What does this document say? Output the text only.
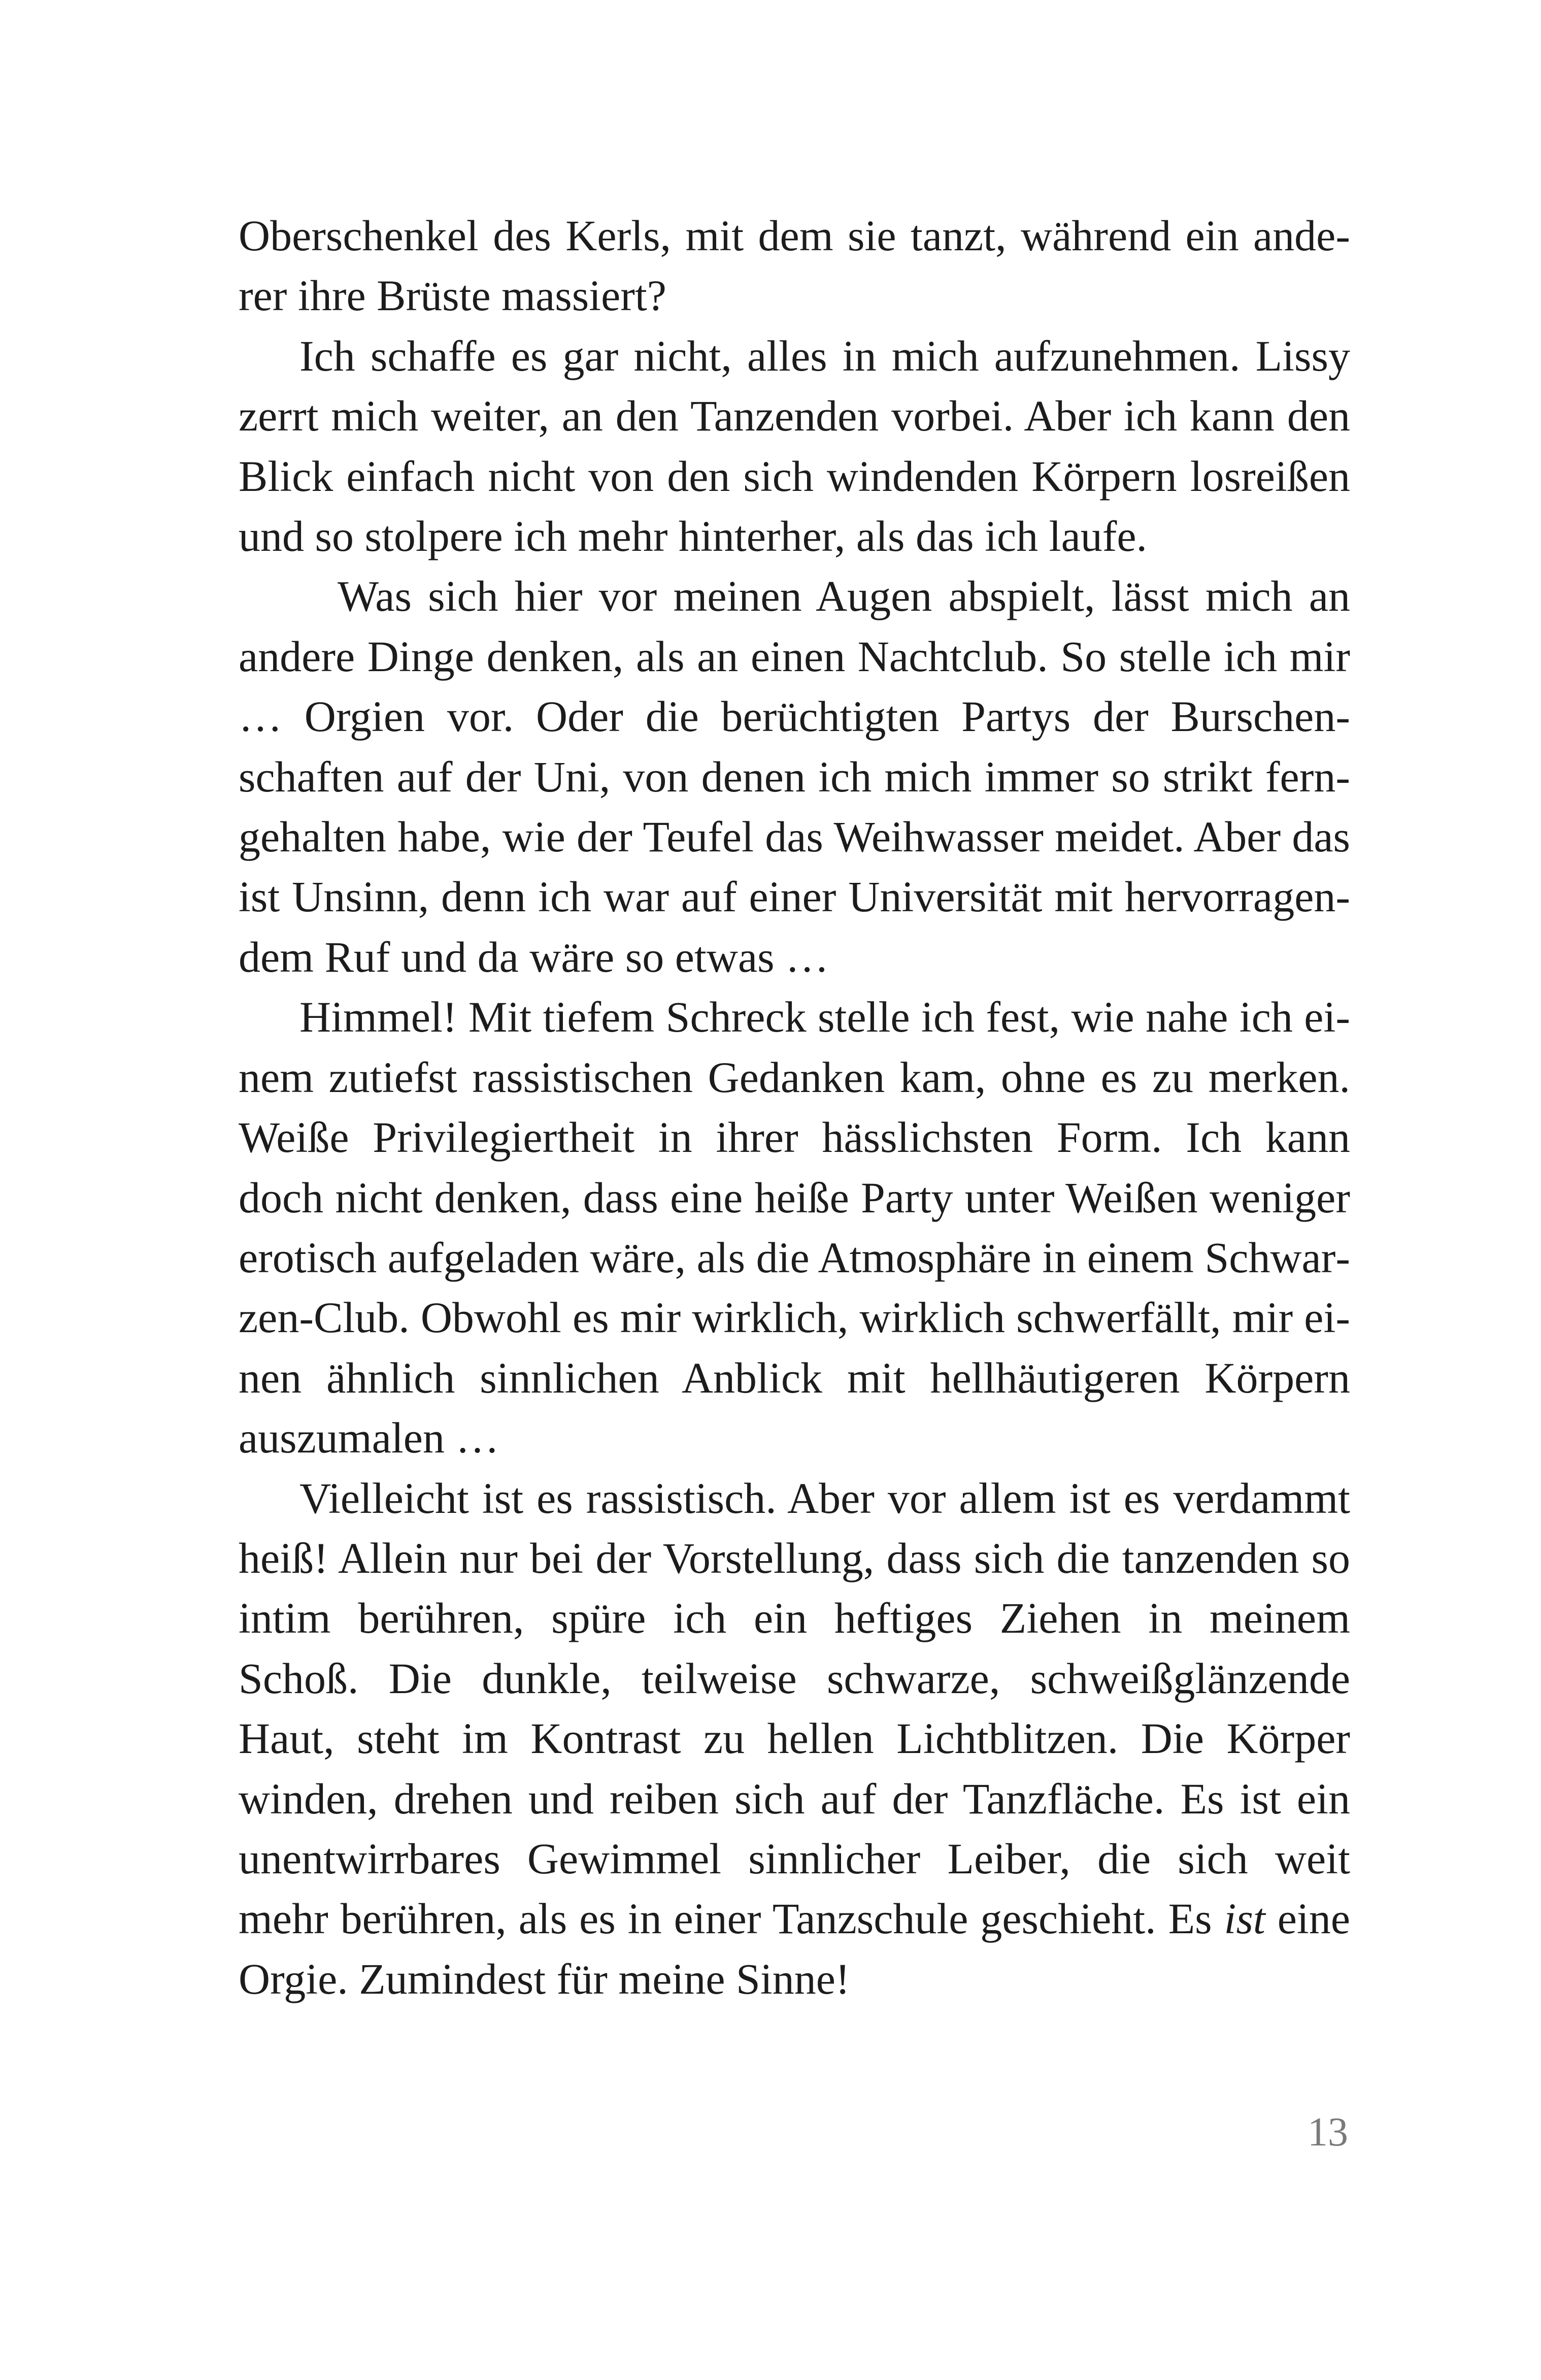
Oberschenkel des Kerls, mit dem sie tanzt, während ein anderer ihre Brüste massiert?

Ich schaffe es gar nicht, alles in mich aufzunehmen. Lissy zerrt mich weiter, an den Tanzenden vorbei. Aber ich kann den Blick einfach nicht von den sich windenden Körpern losreißen und so stolpere ich mehr hinterher, als das ich laufe.

Was sich hier vor meinen Augen abspielt, lässt mich an andere Dinge denken, als an einen Nachtclub. So stelle ich mir … Orgien vor. Oder die berüchtigten Partys der Burschenschaften auf der Uni, von denen ich mich immer so strikt ferngehalten habe, wie der Teufel das Weihwasser meidet. Aber das ist Unsinn, denn ich war auf einer Universität mit hervorragendem Ruf und da wäre so etwas …

Himmel! Mit tiefem Schreck stelle ich fest, wie nahe ich einem zutiefst rassistischen Gedanken kam, ohne es zu merken. Weiße Privilegiertheit in ihrer hässlichsten Form. Ich kann doch nicht denken, dass eine heiße Party unter Weißen weniger erotisch aufgeladen wäre, als die Atmosphäre in einem Schwarzen-Club. Obwohl es mir wirklich, wirklich schwerfällt, mir einen ähnlich sinnlichen Anblick mit hellhäutigeren Körpern auszumalen …

Vielleicht ist es rassistisch. Aber vor allem ist es verdammt heiß! Allein nur bei der Vorstellung, dass sich die tanzenden so intim berühren, spüre ich ein heftiges Ziehen in meinem Schoß. Die dunkle, teilweise schwarze, schweißglänzende Haut, steht im Kontrast zu hellen Lichtblitzen. Die Körper winden, drehen und reiben sich auf der Tanzfläche. Es ist ein unentwirrbares Gewimmel sinnlicher Leiber, die sich weit mehr berühren, als es in einer Tanzschule geschieht. Es ist eine Orgie. Zumindest für meine Sinne!

13
